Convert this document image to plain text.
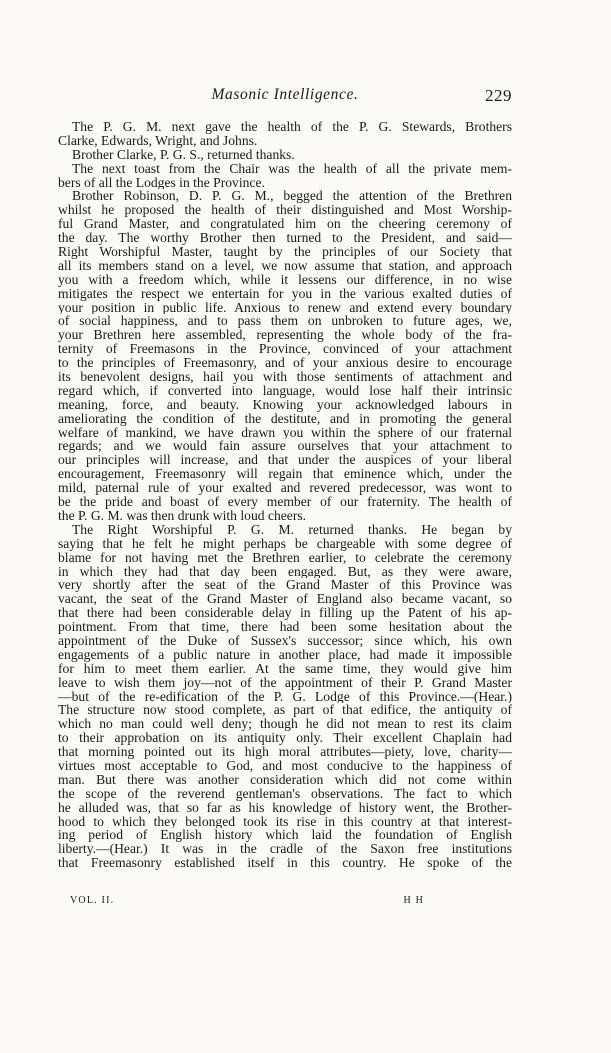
Masonic Intelligence.	229
The P. G. M. next gave the health of the P. G. Stewards, Brothers
Clarke, Edwards, Wright, and Johns.
Brother Clarke, P. G. S., returned thanks.
The next toast from the Chair was the health of all the private mem-
bers of all the Lodges in the Province.
Brother Robinson, D. P. G. M., begged the attention of the Brethren
whilst he proposed the health of their distinguished and Most Worship-
ful Grand Master, and congratulated him on the cheering ceremony of
the day. The worthy Brother then turned to the President, and said—
Right Worshipful Master, taught by the principles of our Society that
all its members stand on a level, we now assume that station, and approach
you with a freedom which, while it lessens our difference, in no wise
mitigates the respect we entertain for you in the various exalted duties of
your position in public life. Anxious to renew and extend every boundary
of social happiness, and to pass them on unbroken to future ages, we,
your Brethren here assembled, representing the whole body of the fra-
ternity of Freemasons in the Province, convinced of your attachment
to the principles of Freemasonry, and of your anxious desire to encourage
its benevolent designs, hail you with those sentiments of attachment and
regard which, if converted into language, would lose half their intrinsic
meaning, force, and beauty. Knowing your acknowledged labours in
ameliorating the condition of the destitute, and in promoting the general
welfare of mankind, we have drawn you within the sphere of our fraternal
regards; and we would fain assure ourselves that your attachment to
our principles will increase, and that under the auspices of your liberal
encouragement, Freemasonry will regain that eminence which, under the
mild, paternal rule of your exalted and revered predecessor, was wont to
be the pride and boast of every member of our fraternity. The health of
the P. G. M. was then drunk with loud cheers.
The Right Worshipful P. G. M. returned thanks. He began by
saying that he felt he might perhaps be chargeable with some degree of
blame for not having met the Brethren earlier, to celebrate the ceremony
in which they had that day been engaged. But, as they were aware,
very shortly after the seat of the Grand Master of this Province was
vacant, the seat of the Grand Master of England also became vacant, so
that there had been considerable delay in filling up the Patent of his ap-
pointment. From that time, there had been some hesitation about the
appointment of the Duke of Sussex's successor; since which, his own
engagements of a public nature in another place, had made it impossible
for him to meet them earlier. At the same time, they would give him
leave to wish them joy—not of the appointment of their P. Grand Master
—but of the re-edification of the P. G. Lodge of this Province.—(Hear.)
The structure now stood complete, as part of that edifice, the antiquity of
which no man could well deny; though he did not mean to rest its claim
to their approbation on its antiquity only. Their excellent Chaplain had
that morning pointed out its high moral attributes—piety, love, charity—
virtues most acceptable to God, and most conducive to the happiness of
man. But there was another consideration which did not come within
the scope of the reverend gentleman's observations. The fact to which
he alluded was, that so far as his knowledge of history went, the Brother-
hood to which they belonged took its rise in this country at that interest-
ing period of English history which laid the foundation of English
liberty.—(Hear.) It was in the cradle of the Saxon free institutions
that Freemasonry established itself in this country. He spoke of the
VOL. II.	H H
